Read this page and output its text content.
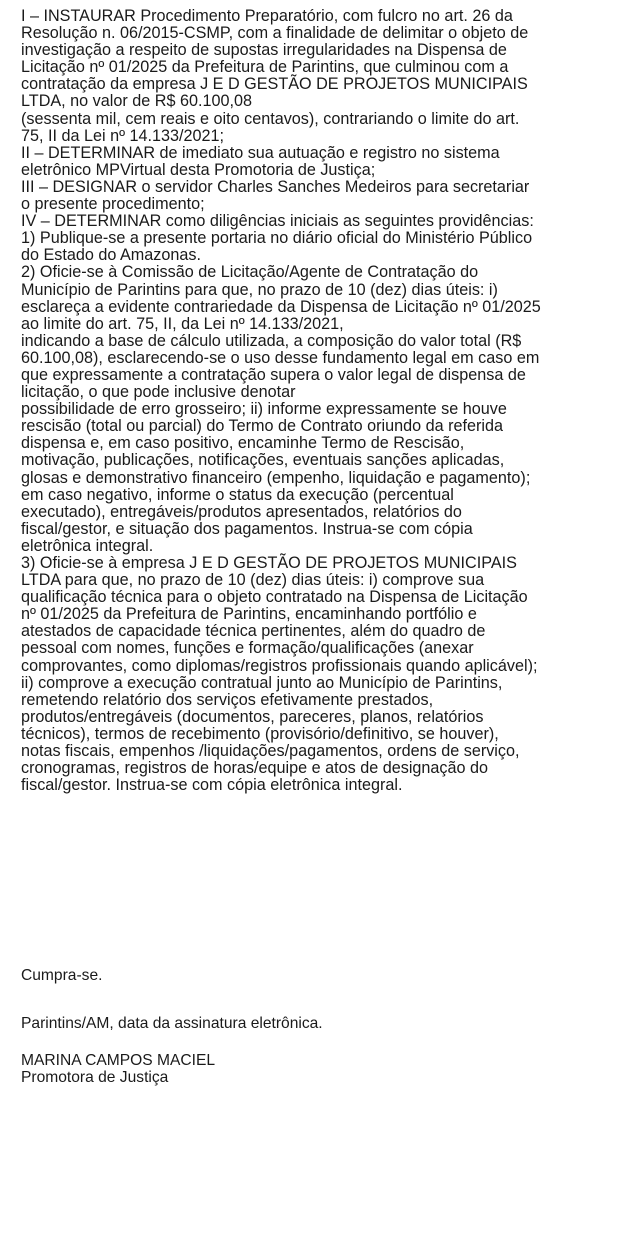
I – INSTAURAR Procedimento Preparatório, com fulcro no art. 26 da

Resolução n. 06/2015-CSMP, com a finalidade de delimitar o objeto de

investigação a respeito de supostas irregularidades na Dispensa de

Licitação nº 01/2025 da Prefeitura de Parintins, que culminou com a

contratação da empresa J E D GESTÃO DE PROJETOS MUNICIPAIS

LTDA, no valor de R$ 60.100,08

(sessenta mil, cem reais e oito centavos), contrariando o limite do art.

75, II da Lei nº 14.133/2021;

II – DETERMINAR de imediato sua autuação e registro no sistema

eletrônico MPVirtual desta Promotoria de Justiça;

III – DESIGNAR o servidor Charles Sanches Medeiros para secretariar

o presente procedimento;

IV – DETERMINAR como diligências iniciais as seguintes providências:

1) Publique-se a presente portaria no diário oficial do Ministério Público

do Estado do Amazonas.

2) Oficie-se à Comissão de Licitação/Agente de Contratação do

Município de Parintins para que, no prazo de 10 (dez) dias úteis: i)

esclareça a evidente contrariedade da Dispensa de Licitação nº 01/2025

ao limite do art. 75, II, da Lei nº 14.133/2021,

indicando a base de cálculo utilizada, a composição do valor total (R$

60.100,08), esclarecendo-se o uso desse fundamento legal em caso em

que expressamente a contratação supera o valor legal de dispensa de

licitação, o que pode inclusive denotar

possibilidade de erro grosseiro; ii) informe expressamente se houve

rescisão (total ou parcial) do Termo de Contrato oriundo da referida

dispensa e, em caso positivo, encaminhe Termo de Rescisão,

motivação, publicações, notificações, eventuais sanções aplicadas,

glosas e demonstrativo financeiro (empenho, liquidação e pagamento);

em caso negativo, informe o status da execução (percentual

executado), entregáveis/produtos apresentados, relatórios do

fiscal/gestor, e situação dos pagamentos. Instrua-se com cópia

eletrônica integral.

3) Oficie-se à empresa J E D GESTÃO DE PROJETOS MUNICIPAIS

LTDA para que, no prazo de 10 (dez) dias úteis: i) comprove sua

qualificação técnica para o objeto contratado na Dispensa de Licitação

nº 01/2025 da Prefeitura de Parintins, encaminhando portfólio e

atestados de capacidade técnica pertinentes, além do quadro de

pessoal com nomes, funções e formação/qualificações (anexar

comprovantes, como diplomas/registros profissionais quando aplicável);

ii) comprove a execução contratual junto ao Município de Parintins,

remetendo relatório dos serviços efetivamente prestados,

produtos/entregáveis (documentos, pareceres, planos, relatórios

técnicos), termos de recebimento (provisório/definitivo, se houver),

notas fiscais, empenhos /liquidações/pagamentos, ordens de serviço,

cronogramas, registros de horas/equipe e atos de designação do

fiscal/gestor. Instrua-se com cópia eletrônica integral.

Cumpra-se.

Parintins/AM, data da assinatura eletrônica.

MARINA CAMPOS MACIEL

Promotora de Justiça
